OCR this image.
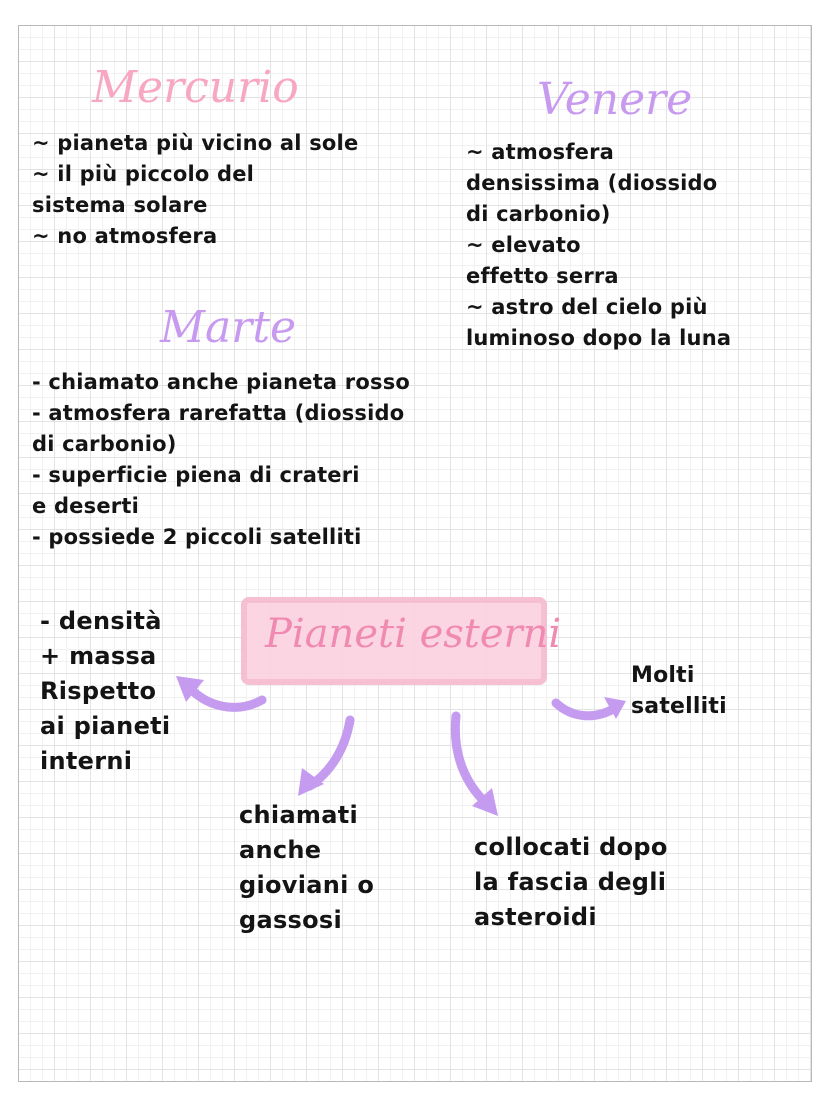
Mercurio
~ pianeta più vicino al sole
~ il più piccolo del
sistema solare
~ no atmosfera
Venere
~ atmosfera
densissima (diossido
di carbonio)
~ elevato
effetto serra
~ astro del cielo più
luminoso dopo la luna
Marte
- chiamato anche pianeta rosso
- atmosfera rarefatta (diossido
di carbonio)
- superficie piena di crateri
e deserti
- possiede 2 piccoli satelliti
Pianeti esterni
- densità
+ massa
Rispetto
ai pianeti
interni
Molti
satelliti
chiamati
anche
gioviani o
gassosi
collocati dopo
la fascia degli
asteroidi
